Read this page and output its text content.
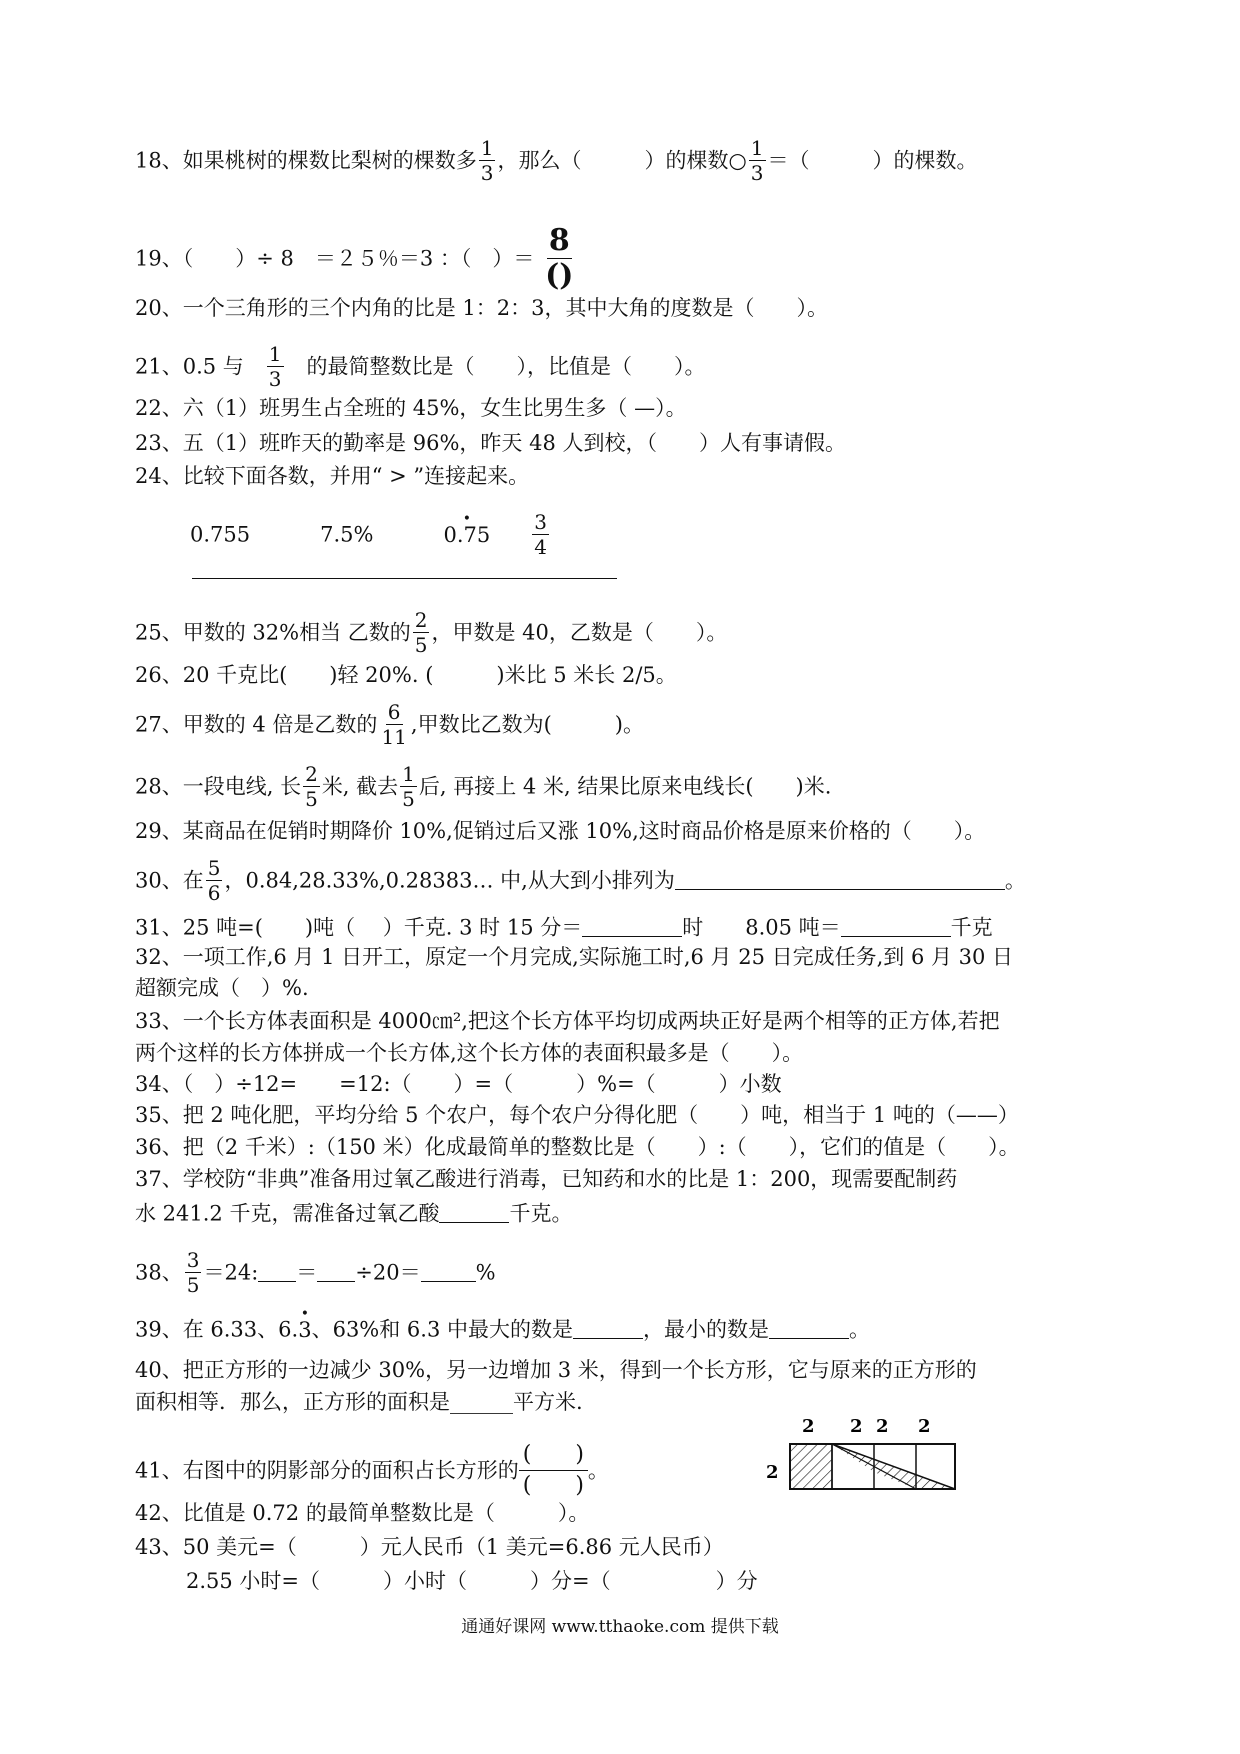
18、如果桃树的棵数比梨树的棵数多 $\frac{1}{3}$ ，那么（　　　）的棵数○ $\frac{1}{3}$ ＝（　　　）的棵数。
19、（　　）÷ 8　＝２５％＝3 ：（　）＝ $\frac{8}{()}$
20、一个三角形的三个内角的比是 1：2：3，其中大角的度数是（　　）。
21、0.5 与　 $\frac{1}{3}$
　 的最简整数比是（　　），比值是（　　）。
22、六（1）班男生占全班的 45%，女生比男生多（ —）。
23、五（1）班昨天的勤率是 96%，昨天 48 人到校，（　　）人有事请假。
24、比较下面各数，并用“ > ”连接起来。
0.755	7.5%•	$0.75 \frac{3}{4}$
25、甲数的 32%相当 乙数的 $\frac{2}{5}$ ，甲数是 40，乙数是（　　）。
26、20 千克比(　　)轻 20%. (　　　)米比 5 米长 2/5。
27、甲数的 4 倍是乙数的 $\frac{6}{11}$ ,甲数比乙数为(　　　)。
28、一段电线, 长 $\frac{2}{5}$ 米, 截去 $\frac{1}{5}$ 后, 再接上 4 米, 结果比原来电线长(　　)米.
29、某商品在促销时期降价 10%,促销过后又涨 10%,这时商品价格是原来价格的（　　）。
30、在 $\frac{5}{6}$ ，0.84,28.33%,0.28383… 中,从大到小排列为	。
31、25 吨=(　　)吨（　 ）千克. 3 时 15 分＝	时　　8.05 吨＝	千克
32、一项工作,6 月 1 日开工，原定一个月完成,实际施工时,6 月 25 日完成任务,到 6 月 30 日
超额完成（　）%.
33、一个长方体表面积是 4000㎝²,把这个长方体平均切成两块正好是两个相等的正方体,若把
两个这样的长方体拼成一个长方体,这个长方体的表面积最多是（　　）。
34、（　）÷12=　　=12:（　　）=（　　　）%=（　　　）小数
35、把 2 吨化肥，平均分给 5 个农户，每个农户分得化肥（　　）吨，相当于 1 吨的（——）
36、把（2 千米）:（150 米）化成最简单的整数比是（　　）:（　　），它们的值是（　　）。
37、学校防“非典”准备用过氧乙酸进行消毒，已知药和水的比是 1：200，现需要配制药
水 241.2 千克，需准备过氧乙酸	千克。
38、 $\frac{3}{5} =24$: ＝ ÷20＝	%
39、在 6.33、6.• 3、63%和 6.3 中最大的数是	，最小的数是	。
40、把正方形的一边减少 30%，另一边增加 3 米，得到一个长方形，它与原来的正方形的
面积相等．那么，正方形的面积是______平方米.
41、右图中的阴影部分的面积占长方形的
(　　)
(　　)
。
2 2 2 2
2
42、比值是 0.72 的最简单整数比是（　　　）。
43、50 美元=（　　　）元人民币（1 美元=6.86 元人民币）
2.55 小时=（　　　）小时（　　　）分=（　　　　　）分
通通好课网 www.tthaoke.com 提供下载
